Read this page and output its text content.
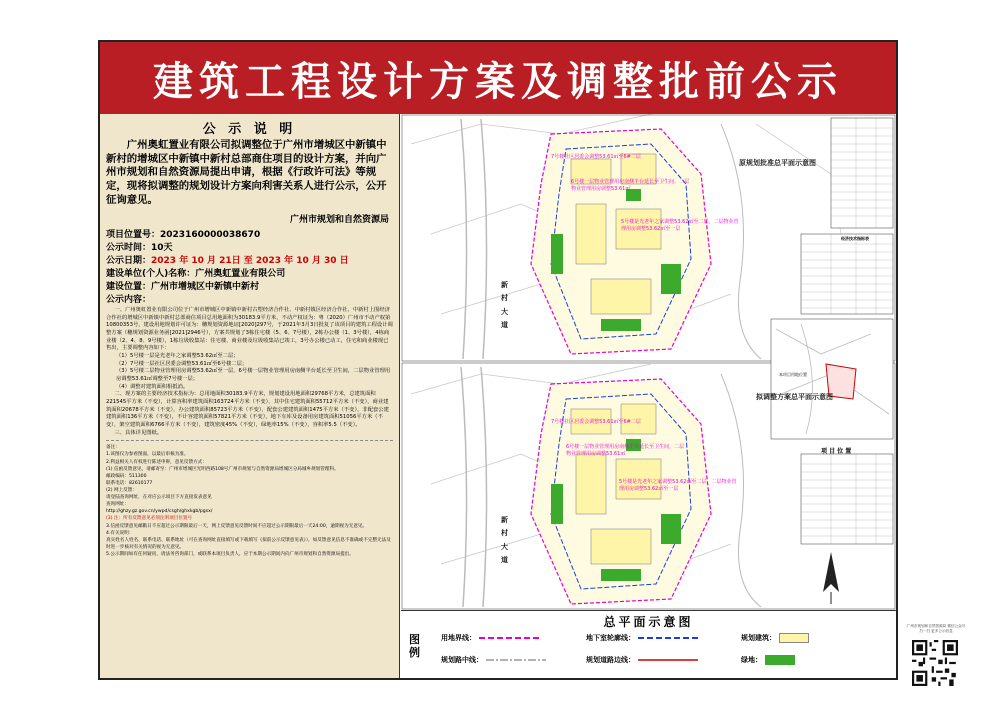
建筑工程设计方案及调整批前公示
公 示 说 明
广州奥虹置业有限公司拟调整位于广州市增城区中新镇中新村的增城区中新镇中新村总部商住项目的设计方案，并向广州市规划和自然资源局提出申请，根据《行政许可法》等规定，现将拟调整的规划设计方案向利害关系人进行公示，公开征询意见。
广州市规划和自然资源局
项目位置号：2023160000038670
公示时间：10天
公示日期：2023 年 10 月 21日 至 2023 年 10 月 30 日
建设单位(个人)名称：广州奥虹置业有限公司
建设位置：广州市增城区中新镇中新村
公示内容：

一、广州奥虹置业有限公司位于广州市增城区中新镇中新村古塱经济合作社、中新村镇区经济合作社、中新村上围经济合作社的增城区中新镇中新村总部商住项目总用地面积为30183.9平方米，不动产权证为：粤（2020）广州市不动产权第10800353号，建设用地规划许可证为：穗规划资源地证[2020]297号，于2021年3月3日批复了该项目的建筑工程设计调整方案（穗规划资源业务函[2021]2946号），方案共规划了3栋住宅楼（5、6、7号楼），2栋办公楼（1、3号楼），4栋商业楼（2、4、8、9号楼），1栋垃圾收集站：住宅楼、商业楼及垃圾收集站已竣工，3号办公楼已动工，住宅和商业楼现已售出，主要调整内容如下：

（1）5号楼一层是光老年之家调整53.62㎡至二层；

（2）7号楼一层社区居委会调整53.61㎡至6号楼二层；

（3）5号楼二层物业管理用房调整53.62㎡至一层，6号楼一层物业管理用房南侧半台延长至卫生间，二层物业管理用房调整53.61㎡调整至7号楼一层；

（4）调整对建筑面积相抵消。

二、现方案的主要经济技术指标为：总用地面积30183.9平方米，规划建设用地面积29768平方米，总建筑面积221545平方米（不变），计算容积率建筑面积163724平方米（不变），其中住宅建筑面积55712平方米（不变），商业建筑面积20678平方米（不变），办公建筑面积85723平方米（不变），配套公建建筑面积1475平方米（不变），非配套公建建筑面积136平方米（不变），不计容建筑面积57821平方米（不变），地下车库及设备用房建筑面积51056平方米（不变），架空建筑面积6766平方米（不变），建筑密度45%（不变），绿地率15%（不变），容积率5.5（不变）。

三、具体详见图纸。

备注：
1.该图仅为参看图面，以最后审核为准。
2.利益相关人有权进行陈述申辩，意见反馈方式：
(1) 信函反馈意见，请邮寄至：广州市增城区光明西路108号广州市规划与自然资源局增城区分局城乡规划管理科。
邮政编码：511300
联系电话：82610177
(2) 网上反馈：
请登陆查询网址，在对应公示项目下方直接发表意见
查询网址：
http://ghzy.gz.gov.cn/ywpd/csgh/ghxkgb/pgsx/
(3) 注：所有反馈意见必须注明项目位置号
3.信函反馈意见邮戳日不应超过公示期限最后一天，网上反馈意见反馈时间不应超过公示期限最后一天24:00，逾期视为无意见。
4.有关说明：
真实姓名人姓名、联系电话、联系地址（可在查询网址直接填写或下载填写《拟前公示反馈意见表》），如反馈意见信息不准确或不完整无法及时进一步核对有关情况的视为无意见。
5.公示期间如有任何疑问，请法务咨询部门，或联系本项目负责人，应于本期公示期间内向广州市规划和自然资源局提出。
原规划批准总平面示意图
拟调整方案总平面示意图
新村大道
新村大道
项 目 位 置
经济技术指标表
本项目用地位置
7号楼社区居委会调整53.61㎡至6#二层
6号楼一层物业管理用房南侧半台延长至卫生间，二层物业管理用房调整53.61㎡
5号楼是光老年之家调整53.62㎡至二层，二层物业管理用房调整53.62㎡至一层
7号楼社区居委会调整53.61㎡至6#二层
6号楼一层物业管理用房南侧半台延长至卫生间，二层物业管理用房调整53.61㎡
5号楼是光老年之家调整53.62㎡至二层，二层物业管理用房调整53.62㎡至一层
总平面示意图
图例
用地界线：	地下室轮廓线：	规划建筑：
规划路中线：	规划道路边线：	绿地：
广州市规划和自然资源局 微信公众号 扫一扫 更多公示信息
